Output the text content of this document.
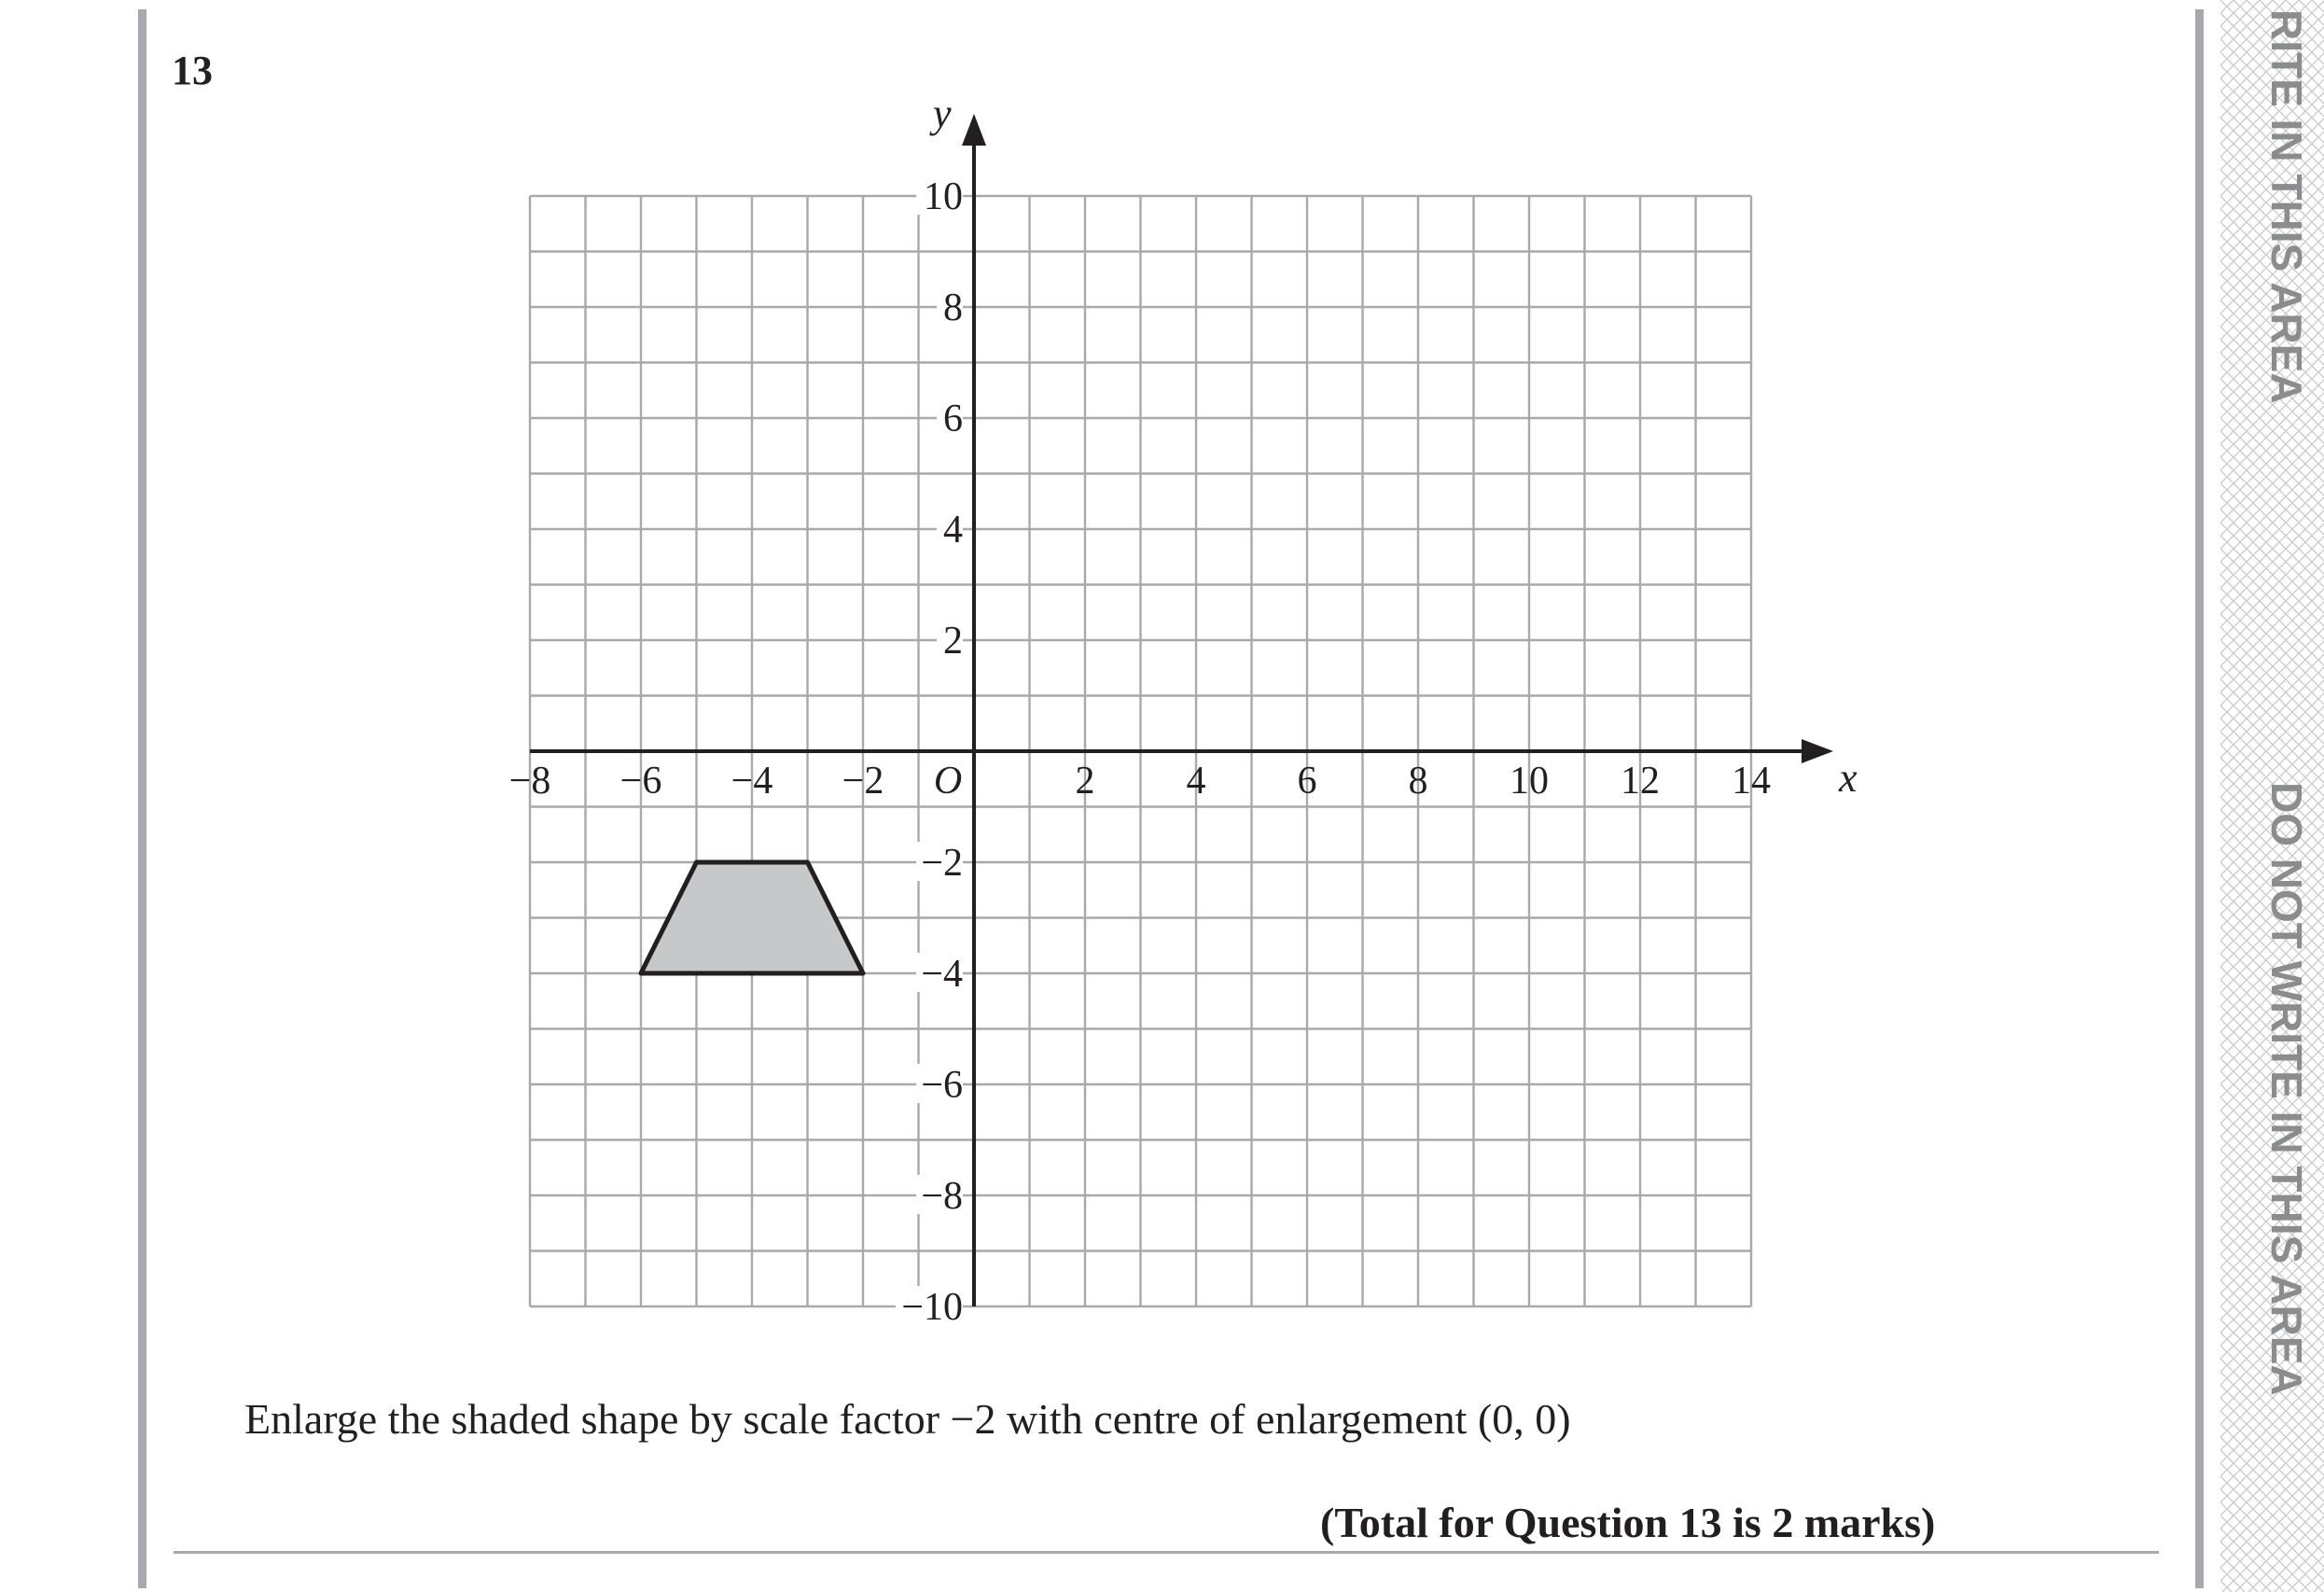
13
−8 −6 −4 −2	2 4 6 8 10 12 14
10
8
6
4
2
−2
−4
−6
−8
−10
x
y
O
Enlarge the shaded shape by scale factor −2 with centre of enlargement (0, 0)
(Total for Question 13 is 2 marks)
RITE IN THIS AREA
DO NOT WRITE IN THIS AREA
